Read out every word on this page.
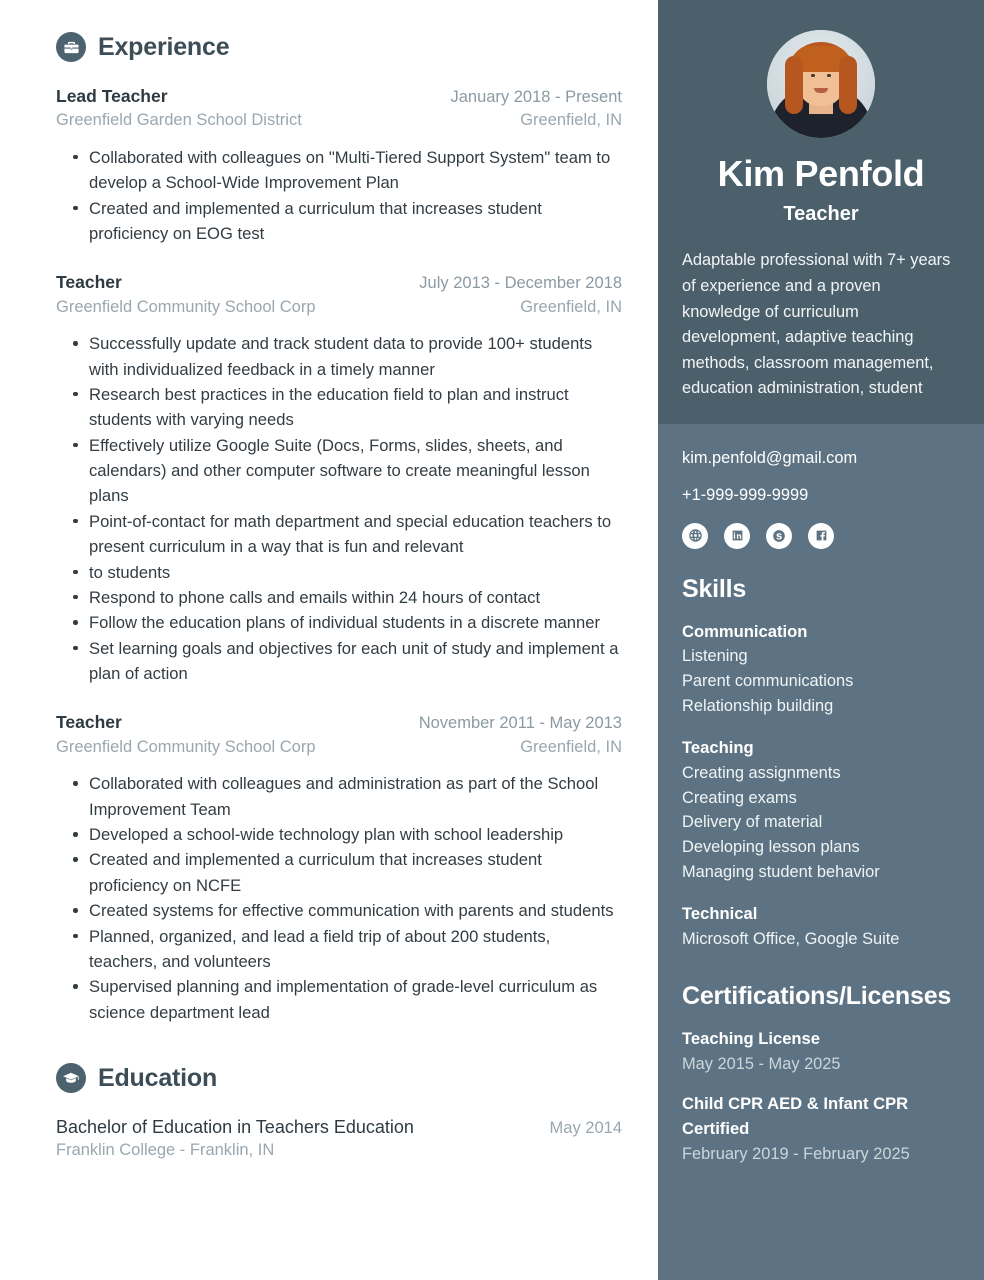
Experience
Lead Teacher	January 2018 - Present
Greenfield Garden School District	Greenfield, IN
Collaborated with colleagues on "Multi-Tiered Support System" team to develop a School-Wide Improvement Plan
Created and implemented a curriculum that increases student proficiency on EOG test
Teacher	July 2013 - December 2018
Greenfield Community School Corp	Greenfield, IN
Successfully update and track student data to provide 100+ students with individualized feedback in a timely manner
Research best practices in the education field to plan and instruct students with varying needs
Effectively utilize Google Suite (Docs, Forms, slides, sheets, and calendars) and other computer software to create meaningful lesson plans
Point-of-contact for math department and special education teachers to present curriculum in a way that is fun and relevant
to students
Respond to phone calls and emails within 24 hours of contact
Follow the education plans of individual students in a discrete manner
Set learning goals and objectives for each unit of study and implement a plan of action
Teacher	November 2011 - May 2013
Greenfield Community School Corp	Greenfield, IN
Collaborated with colleagues and administration as part of the School Improvement Team
Developed a school-wide technology plan with school leadership
Created and implemented a curriculum that increases student proficiency on NCFE
Created systems for effective communication with parents and students
Planned, organized, and lead a field trip of about 200 students, teachers, and volunteers
Supervised planning and implementation of grade-level curriculum as science department lead
Education
Bachelor of Education in Teachers Education	May 2014
Franklin College - Franklin, IN
Kim Penfold
Teacher
Adaptable professional with 7+ years of experience and a proven knowledge of curriculum development, adaptive teaching methods, classroom management, education administration, student
kim.penfold@gmail.com
+1-999-999-9999
Skills
Communication
Listening
Parent communications
Relationship building
Teaching
Creating assignments
Creating exams
Delivery of material
Developing lesson plans
Managing student behavior
Technical
Microsoft Office, Google Suite
Certifications/Licenses
Teaching License
May 2015 - May 2025
Child CPR AED & Infant CPR Certified
February 2019 - February 2025
